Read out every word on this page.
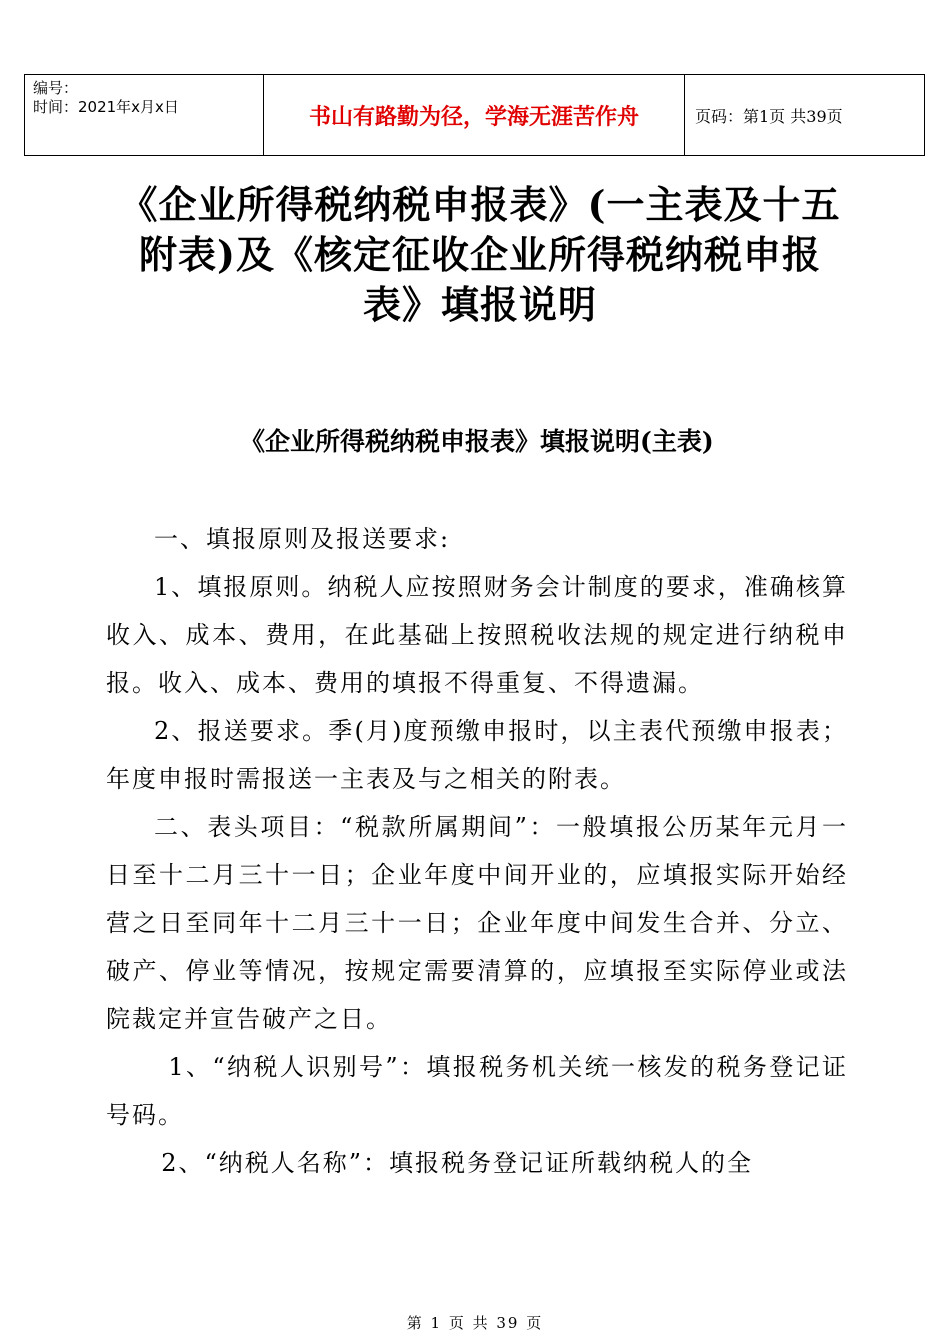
编号：
时间：2021年x月x日	书山有路勤为径，学海无涯苦作舟	页码：第1页 共39页
《企业所得税纳税申报表》(一主表及十五
附表)及《核定征收企业所得税纳税申报
表》填报说明
《企业所得税纳税申报表》填报说明(主表)

一、填报原则及报送要求:

1、填报原则。纳税人应按照财务会计制度的要求，准确核算收入、成本、费用，在此基础上按照税收法规的规定进行纳税申报。收入、成本、费用的填报不得重复、不得遗漏。

2、报送要求。季(月)度预缴申报时，以主表代预缴申报表；年度申报时需报送一主表及与之相关的附表。

二、表头项目：“税款所属期间”：一般填报公历某年元月一日至十二月三十一日；企业年度中间开业的，应填报实际开始经营之日至同年十二月三十一日；企业年度中间发生合并、分立、破产、停业等情况，按规定需要清算的，应填报至实际停业或法院裁定并宣告破产之日。

1、“纳税人识别号”：填报税务机关统一核发的税务登记证号码。

2、“纳税人名称”：填报税务登记证所载纳税人的全

第 1 页 共 39 页
